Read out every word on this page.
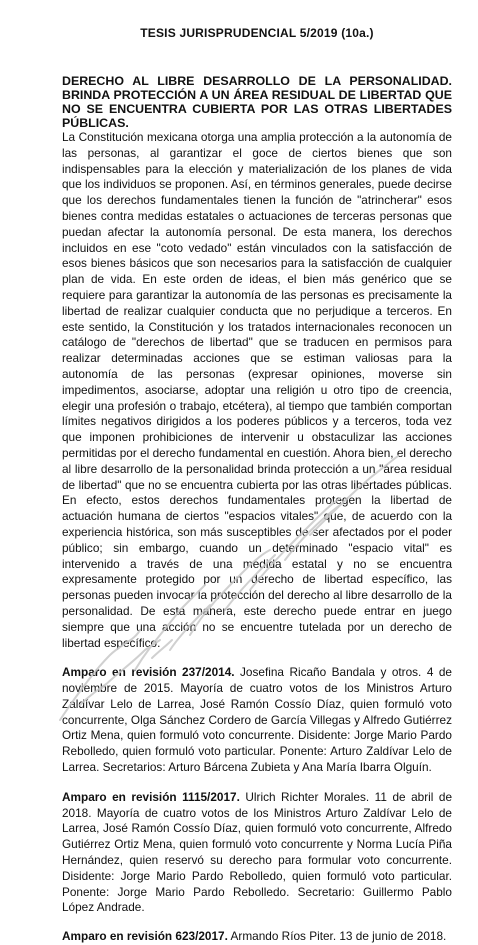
TESIS JURISPRUDENCIAL 5/2019 (10a.)
DERECHO AL LIBRE DESARROLLO DE LA PERSONALIDAD. BRINDA PROTECCIÓN A UN ÁREA RESIDUAL DE LIBERTAD QUE NO SE ENCUENTRA CUBIERTA POR LAS OTRAS LIBERTADES PÚBLICAS.

La Constitución mexicana otorga una amplia protección a la autonomía de las personas, al garantizar el goce de ciertos bienes que son indispensables para la elección y materialización de los planes de vida que los individuos se proponen. Así, en términos generales, puede decirse que los derechos fundamentales tienen la función de "atrincherar" esos bienes contra medidas estatales o actuaciones de terceras personas que puedan afectar la autonomía personal. De esta manera, los derechos incluidos en ese "coto vedado" están vinculados con la satisfacción de esos bienes básicos que son necesarios para la satisfacción de cualquier plan de vida. En este orden de ideas, el bien más genérico que se requiere para garantizar la autonomía de las personas es precisamente la libertad de realizar cualquier conducta que no perjudique a terceros. En este sentido, la Constitución y los tratados internacionales reconocen un catálogo de "derechos de libertad" que se traducen en permisos para realizar determinadas acciones que se estiman valiosas para la autonomía de las personas (expresar opiniones, moverse sin impedimentos, asociarse, adoptar una religión u otro tipo de creencia, elegir una profesión o trabajo, etcétera), al tiempo que también comportan límites negativos dirigidos a los poderes públicos y a terceros, toda vez que imponen prohibiciones de intervenir u obstaculizar las acciones permitidas por el derecho fundamental en cuestión. Ahora bien, el derecho al libre desarrollo de la personalidad brinda protección a un "área residual de libertad" que no se encuentra cubierta por las otras libertades públicas. En efecto, estos derechos fundamentales protegen la libertad de actuación humana de ciertos "espacios vitales" que, de acuerdo con la experiencia histórica, son más susceptibles de ser afectados por el poder público; sin embargo, cuando un determinado "espacio vital" es intervenido a través de una medida estatal y no se encuentra expresamente protegido por un derecho de libertad específico, las personas pueden invocar la protección del derecho al libre desarrollo de la personalidad. De esta manera, este derecho puede entrar en juego siempre que una acción no se encuentre tutelada por un derecho de libertad específico.

Amparo en revisión 237/2014. Josefina Ricaño Bandala y otros. 4 de noviembre de 2015. Mayoría de cuatro votos de los Ministros Arturo Zaldívar Lelo de Larrea, José Ramón Cossío Díaz, quien formuló voto concurrente, Olga Sánchez Cordero de García Villegas y Alfredo Gutiérrez Ortiz Mena, quien formuló voto concurrente. Disidente: Jorge Mario Pardo Rebolledo, quien formuló voto particular. Ponente: Arturo Zaldívar Lelo de Larrea. Secretarios: Arturo Bárcena Zubieta y Ana María Ibarra Olguín.

Amparo en revisión 1115/2017. Ulrich Richter Morales. 11 de abril de 2018. Mayoría de cuatro votos de los Ministros Arturo Zaldívar Lelo de Larrea, José Ramón Cossío Díaz, quien formuló voto concurrente, Alfredo Gutiérrez Ortiz Mena, quien formuló voto concurrente y Norma Lucía Piña Hernández, quien reservó su derecho para formular voto concurrente. Disidente: Jorge Mario Pardo Rebolledo, quien formuló voto particular. Ponente: Jorge Mario Pardo Rebolledo. Secretario: Guillermo Pablo López Andrade.

Amparo en revisión 623/2017. Armando Ríos Piter. 13 de junio de 2018.
